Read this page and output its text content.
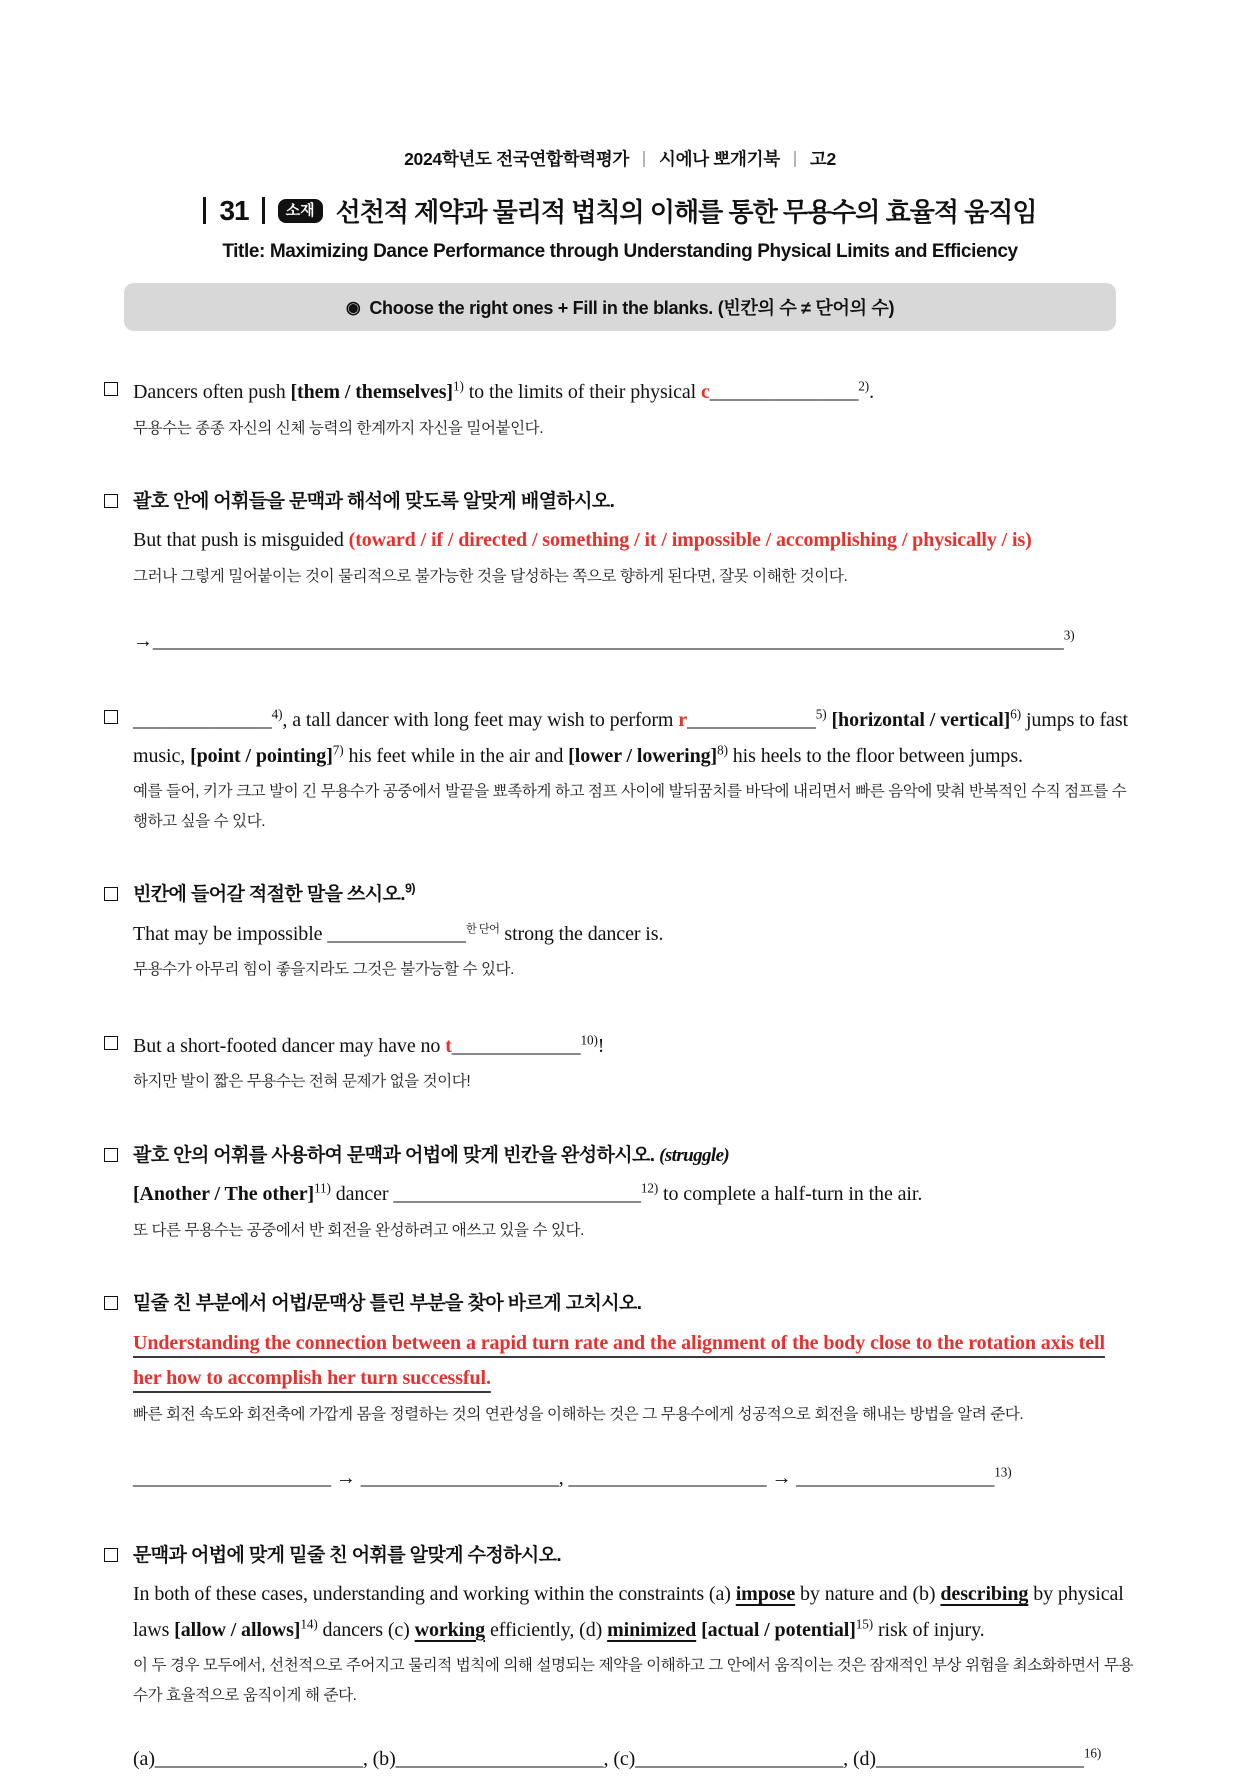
2024학년도 전국연합학력평가 시에나 뽀개기북 고2
31	소재 선천적 제약과 물리적 법칙의 이해를 통한 무용수의 효율적 움직임
Title: Maximizing Dance Performance through Understanding Physical Limits and Efficiency
◉ Choose the right ones + Fill in the blanks. (빈칸의 수 ≠ 단어의 수)

Dancers often push [them / themselves]$^{1)}$ to the limits of their physical c_______________$^{2)}$.

무용수는 종종 자신의 신체 능력의 한계까지 자신을 밀어붙인다.

괄호 안에 어휘들을 문맥과 해석에 맞도록 알맞게 배열하시오.

But that push is misguided (toward / if / directed / something / it / impossible / accomplishing / physically / is)

그러나 그렇게 밀어붙이는 것이 물리적으로 불가능한 것을 달성하는 쪽으로 향하게 된다면, 잘못 이해한 것이다.

→____________________________________________________________________________________________$^{3)}$

______________$^{4)}$, a tall dancer with long feet may wish to perform r_____________$^{5)}$ [horizontal / vertical]$^{6)}$ jumps to fast music, [point / pointing]$^{7)}$ his feet while in the air and [lower / lowering]$^{8)}$ his heels to the floor between jumps.

예를 들어, 키가 크고 발이 긴 무용수가 공중에서 발끝을 뾰족하게 하고 점프 사이에 발뒤꿈치를 바닥에 내리면서 빠른 음악에 맞춰 반복적인 수직 점프를 수행하고 싶을 수 있다.

빈칸에 들어갈 적절한 말을 쓰시오.$^{9)}$

That may be impossible ______________$^{한 단어}$ strong the dancer is.

무용수가 아무리 힘이 좋을지라도 그것은 불가능할 수 있다.

But a short-footed dancer may have no t_____________$^{10)}$!

하지만 발이 짧은 무용수는 전혀 문제가 없을 것이다!

괄호 안의 어휘를 사용하여 문맥과 어법에 맞게 빈칸을 완성하시오. (struggle)

[Another / The other]$^{11)}$ dancer _________________________$^{12)}$ to complete a half-turn in the air.

또 다른 무용수는 공중에서 반 회전을 완성하려고 애쓰고 있을 수 있다.

밑줄 친 부분에서 어법/문맥상 틀린 부분을 찾아 바르게 고치시오.

Understanding the connection between a rapid turn rate and the alignment of the body close to the rotation axis tell her how to accomplish her turn successful.

빠른 회전 속도와 회전축에 가깝게 몸을 정렬하는 것의 연관성을 이해하는 것은 그 무용수에게 성공적으로 회전을 해내는 방법을 알려 준다.

____________________ → ____________________, ____________________ → ____________________$^{13)}$

문맥과 어법에 맞게 밑줄 친 어휘를 알맞게 수정하시오.

In both of these cases, understanding and working within the constraints (a) impose by nature and (b) describing by physical laws [allow / allows]$^{14)}$ dancers (c) working efficiently, (d) minimized [actual / potential]$^{15)}$ risk of injury.

이 두 경우 모두에서, 선천적으로 주어지고 물리적 법칙에 의해 설명되는 제약을 이해하고 그 안에서 움직이는 것은 잠재적인 부상 위험을 최소화하면서 무용수가 효율적으로 움직이게 해 준다.

(a)_____________________, (b)_____________________, (c)_____________________, (d)_____________________$^{16)}$
